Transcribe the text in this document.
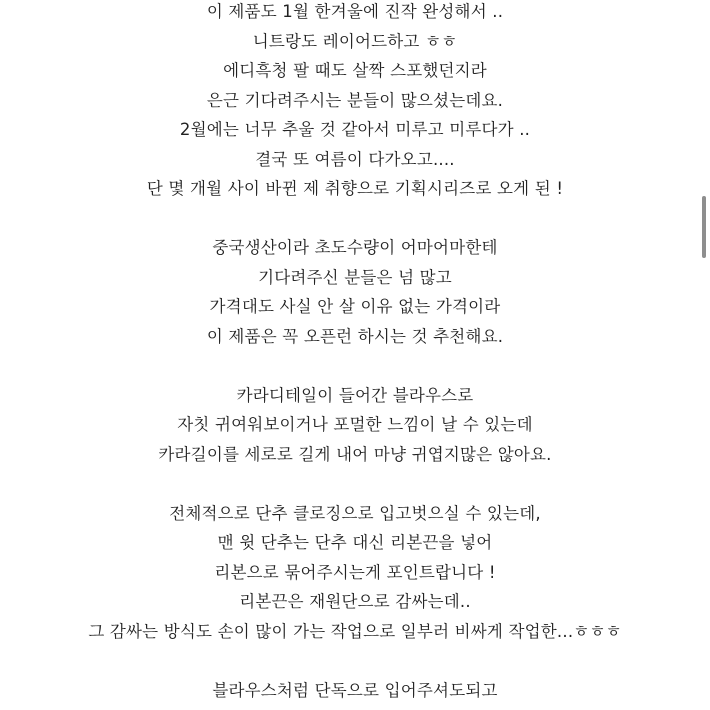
이 제품도 1월 한겨울에 진작 완성해서 ..
니트랑도 레이어드하고 ㅎㅎ
에디흑청 팔 때도 살짝 스포했던지라
은근 기다려주시는 분들이 많으셨는데요.
2월에는 너무 추울 것 같아서 미루고 미루다가 ..
결국 또 여름이 다가오고....
단 몇 개월 사이 바뀐 제 취향으로 기획시리즈로 오게 된 !
중국생산이라 초도수량이 어마어마한테
기다려주신 분들은 넘 많고
가격대도 사실 안 살 이유 없는 가격이라
이 제품은 꼭 오픈런 하시는 것 추천해요.
카라디테일이 들어간 블라우스로
자칫 귀여워보이거나 포멀한 느낌이 날 수 있는데
카라길이를 세로로 길게 내어 마냥 귀엽지많은 않아요.
전체적으로 단추 클로징으로 입고벗으실 수 있는데,
맨 윗 단추는 단추 대신 리본끈을 넣어
리본으로 묶어주시는게 포인트랍니다 !
리본끈은 재원단으로 감싸는데..
그 감싸는 방식도 손이 많이 가는 작업으로 일부러 비싸게 작업한...ㅎㅎㅎ
블라우스처럼 단독으로 입어주셔도되고
